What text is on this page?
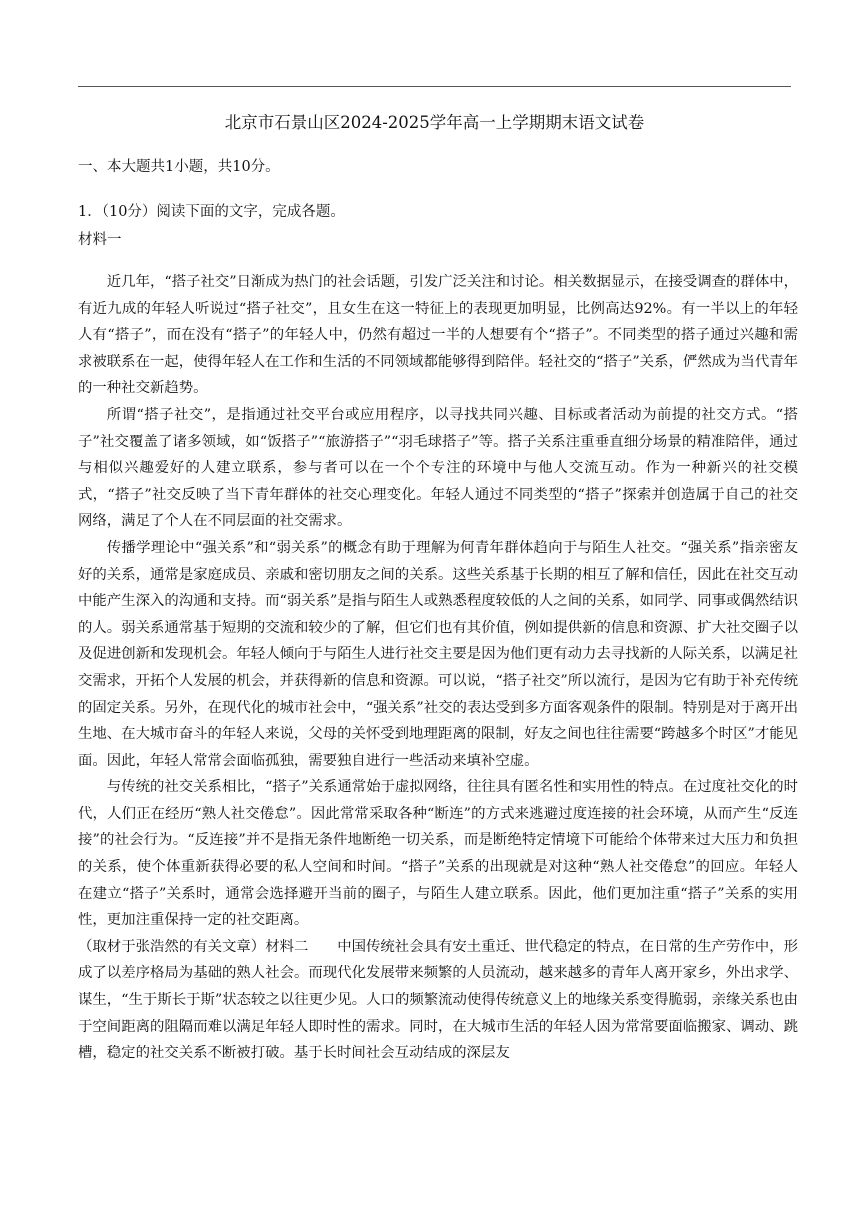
北京市石景山区2024-2025学年高一上学期期末语文试卷
一、本大题共1小题，共10分。
1．（10分）阅读下面的文字，完成各题。
材料一

近几年，“搭子社交”日渐成为热门的社会话题，引发广泛关注和讨论。相关数据显示，在接受调查的群体中，有近九成的年轻人听说过“搭子社交”，且女生在这一特征上的表现更加明显，比例高达92%。有一半以上的年轻人有“搭子”，而在没有“搭子”的年轻人中，仍然有超过一半的人想要有个“搭子”。不同类型的搭子通过兴趣和需求被联系在一起，使得年轻人在工作和生活的不同领域都能够得到陪伴。轻社交的“搭子”关系，俨然成为当代青年的一种社交新趋势。

所谓“搭子社交”，是指通过社交平台或应用程序，以寻找共同兴趣、目标或者活动为前提的社交方式。“搭子”社交覆盖了诸多领域，如“饭搭子”“旅游搭子”“羽毛球搭子”等。搭子关系注重垂直细分场景的精准陪伴，通过与相似兴趣爱好的人建立联系，参与者可以在一个个专注的环境中与他人交流互动。作为一种新兴的社交模式，“搭子”社交反映了当下青年群体的社交心理变化。年轻人通过不同类型的“搭子”探索并创造属于自己的社交网络，满足了个人在不同层面的社交需求。

传播学理论中“强关系”和“弱关系”的概念有助于理解为何青年群体趋向于与陌生人社交。“强关系”指亲密友好的关系，通常是家庭成员、亲戚和密切朋友之间的关系。这些关系基于长期的相互了解和信任，因此在社交互动中能产生深入的沟通和支持。而“弱关系”是指与陌生人或熟悉程度较低的人之间的关系，如同学、同事或偶然结识的人。弱关系通常基于短期的交流和较少的了解，但它们也有其价值，例如提供新的信息和资源、扩大社交圈子以及促进创新和发现机会。年轻人倾向于与陌生人进行社交主要是因为他们更有动力去寻找新的人际关系，以满足社交需求，开拓个人发展的机会，并获得新的信息和资源。可以说，“搭子社交”所以流行，是因为它有助于补充传统的固定关系。另外，在现代化的城市社会中，“强关系”社交的表达受到多方面客观条件的限制。特别是对于离开出生地、在大城市奋斗的年轻人来说，父母的关怀受到地理距离的限制，好友之间也往往需要“跨越多个时区”才能见面。因此，年轻人常常会面临孤独，需要独自进行一些活动来填补空虚。

与传统的社交关系相比，“搭子”关系通常始于虚拟网络，往往具有匿名性和实用性的特点。在过度社交化的时代，人们正在经历“熟人社交倦怠”。因此常常采取各种“断连”的方式来逃避过度连接的社会环境，从而产生“反连接”的社会行为。“反连接”并不是指无条件地断绝一切关系，而是断绝特定情境下可能给个体带来过大压力和负担的关系，使个体重新获得必要的私人空间和时间。“搭子”关系的出现就是对这种“熟人社交倦怠”的回应。年轻人在建立“搭子”关系时，通常会选择避开当前的圈子，与陌生人建立联系。因此，他们更加注重“搭子”关系的实用性，更加注重保持一定的社交距离。

（取材于张浩然的有关文章）材料二　　中国传统社会具有安土重迁、世代稳定的特点，在日常的生产劳作中，形成了以差序格局为基础的熟人社会。而现代化发展带来频繁的人员流动，越来越多的青年人离开家乡，外出求学、谋生，“生于斯长于斯”状态较之以往更少见。人口的频繁流动使得传统意义上的地缘关系变得脆弱，亲缘关系也由于空间距离的阻隔而难以满足年轻人即时性的需求。同时，在大城市生活的年轻人因为常常要面临搬家、调动、跳槽，稳定的社交关系不断被打破。基于长时间社会互动结成的深层友
